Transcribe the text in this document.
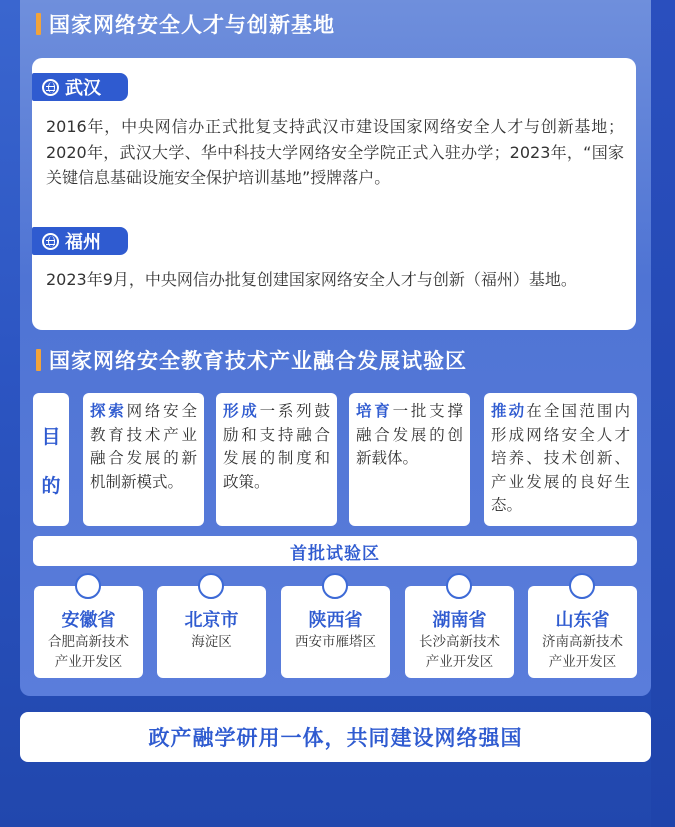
国家网络安全人才与创新基地
武汉
2016年，中央网信办正式批复支持武汉市建设国家网络安全人才与创新基地；2020年，武汉大学、华中科技大学网络安全学院正式入驻办学；2023年，“国家关键信息基础设施安全保护培训基地”授牌落户。
福州
2023年9月，中央网信办批复创建国家网络安全人才与创新（福州）基地。
国家网络安全教育技术产业融合发展试验区
目
的
探索网络安全教育技术产业融合发展的新机制新模式。
形成一系列鼓励和支持融合发展的制度和政策。
培育一批支撑融合发展的创新载体。
推动在全国范围内形成网络安全人才培养、技术创新、产业发展的良好生态。
首批试验区
安徽省
合肥高新技术
产业开发区
北京市
海淀区
陕西省
西安市雁塔区
湖南省
长沙高新技术
产业开发区
山东省
济南高新技术
产业开发区
政产融学研用一体，共同建设网络强国
